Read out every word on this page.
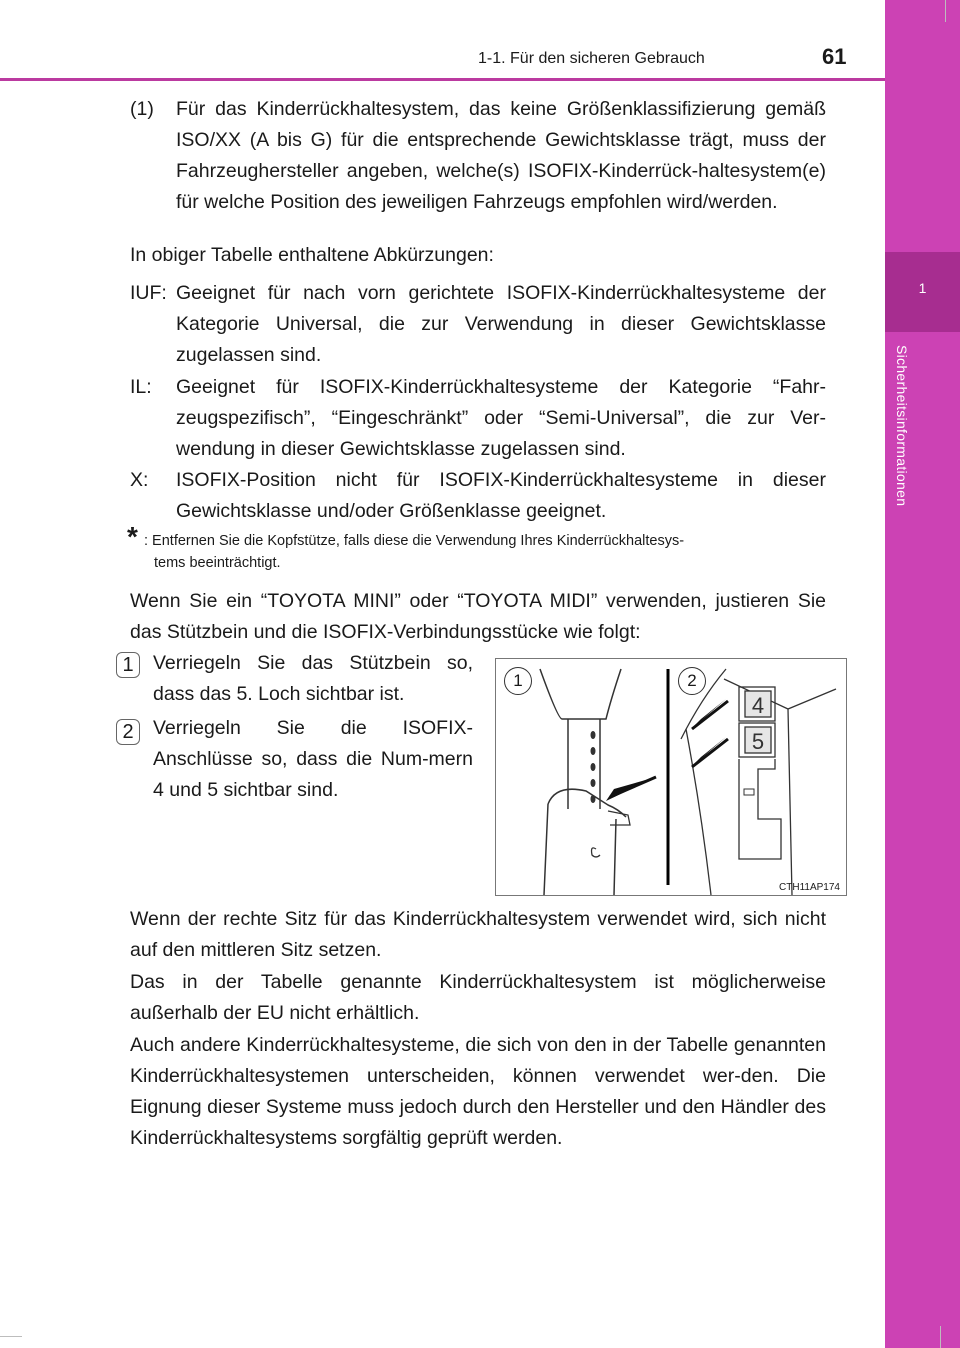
1-1. Für den sicheren Gebrauch	61
1
Sicherheitsinformationen
(1) Für das Kinderrückhaltesystem, das keine Größenklassifizierung gemäß ISO/XX (A bis G) für die entsprechende Gewichtsklasse trägt, muss der Fahrzeughersteller angeben, welche(s) ISOFIX-Kinderrück-haltesystem(e) für welche Position des jeweiligen Fahrzeugs empfohlen wird/werden.
In obiger Tabelle enthaltene Abkürzungen:
IUF: Geeignet für nach vorn gerichtete ISOFIX-Kinderrückhaltesysteme der Kategorie Universal, die zur Verwendung in dieser Gewichtsklasse zugelassen sind.
IL: Geeignet für ISOFIX-Kinderrückhaltesysteme der Kategorie “Fahr-zeugspezifisch”, “Eingeschränkt” oder “Semi-Universal”, die zur Ver-wendung in dieser Gewichtsklasse zugelassen sind.
X: ISOFIX-Position nicht für ISOFIX-Kinderrückhaltesysteme in dieser Gewichtsklasse und/oder Größenklasse geeignet.
* : Entfernen Sie die Kopfstütze, falls diese die Verwendung Ihres Kinderrückhaltesys-
tems beeinträchtigt.
Wenn Sie ein “TOYOTA MINI” oder “TOYOTA MIDI” verwenden, justieren Sie das Stützbein und die ISOFIX-Verbindungsstücke wie folgt:
1 Verriegeln Sie das Stützbein so, dass das 5. Loch sichtbar ist.
2 Verriegeln Sie die ISOFIX-Anschlüsse so, dass die Num-mern 4 und 5 sichtbar sind.
4
5
1	2
CTH11AP174
Wenn der rechte Sitz für das Kinderrückhaltesystem verwendet wird, sich nicht auf den mittleren Sitz setzen.
Das in der Tabelle genannte Kinderrückhaltesystem ist möglicherweise außerhalb der EU nicht erhältlich.
Auch andere Kinderrückhaltesysteme, die sich von den in der Tabelle genannten Kinderrückhaltesystemen unterscheiden, können verwendet wer-den. Die Eignung dieser Systeme muss jedoch durch den Hersteller und den Händler des Kinderrückhaltesystems sorgfältig geprüft werden.
